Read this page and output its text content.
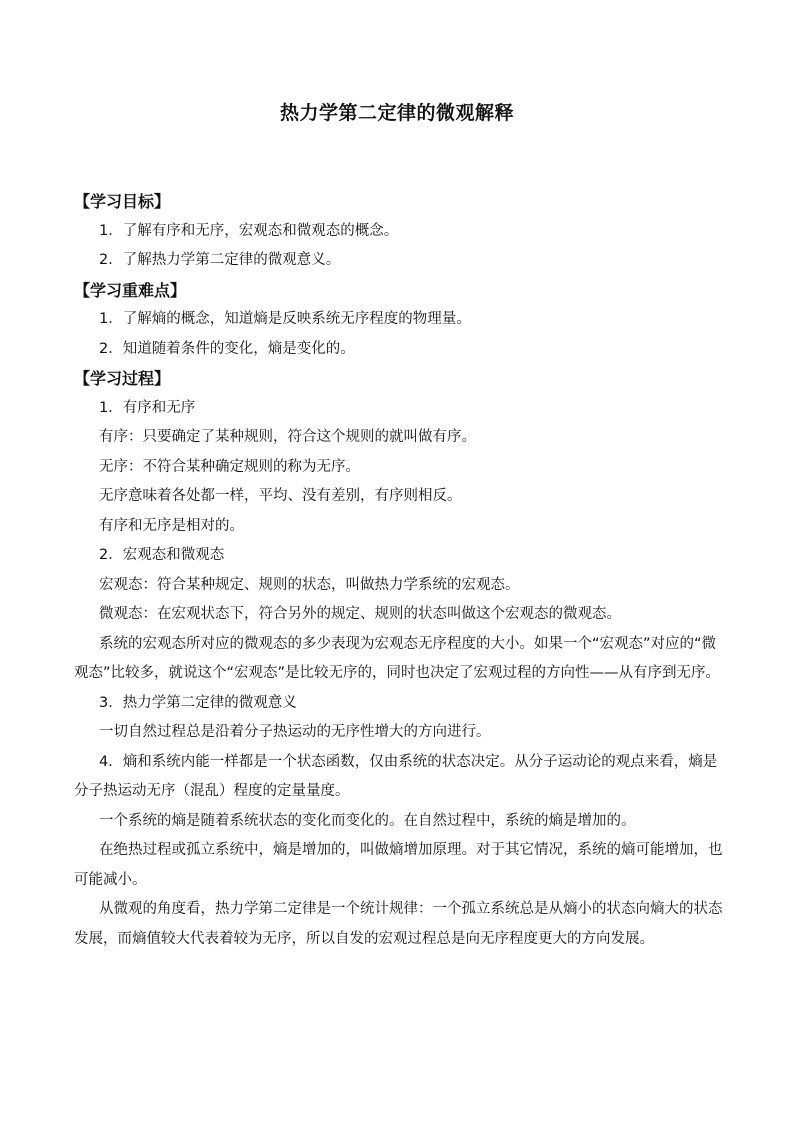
热力学第二定律的微观解释

【学习目标】

1．了解有序和无序，宏观态和微观态的概念。

2．了解热力学第二定律的微观意义。

【学习重难点】

1．了解熵的概念，知道熵是反映系统无序程度的物理量。

2．知道随着条件的变化，熵是变化的。

【学习过程】

1．有序和无序

有序：只要确定了某种规则，符合这个规则的就叫做有序。

无序：不符合某种确定规则的称为无序。

无序意味着各处都一样，平均、没有差别，有序则相反。

有序和无序是相对的。

2．宏观态和微观态

宏观态：符合某种规定、规则的状态，叫做热力学系统的宏观态。

微观态：在宏观状态下，符合另外的规定、规则的状态叫做这个宏观态的微观态。

系统的宏观态所对应的微观态的多少表现为宏观态无序程度的大小。如果一个“宏观态”对应的“微观态”比较多，就说这个“宏观态”是比较无序的，同时也决定了宏观过程的方向性——从有序到无序。

3．热力学第二定律的微观意义

一切自然过程总是沿着分子热运动的无序性增大的方向进行。

4．熵和系统内能一样都是一个状态函数，仅由系统的状态决定。从分子运动论的观点来看，熵是分子热运动无序（混乱）程度的定量量度。

一个系统的熵是随着系统状态的变化而变化的。在自然过程中，系统的熵是增加的。

在绝热过程或孤立系统中，熵是增加的，叫做熵增加原理。对于其它情况，系统的熵可能增加，也可能减小。

从微观的角度看，热力学第二定律是一个统计规律：一个孤立系统总是从熵小的状态向熵大的状态发展，而熵值较大代表着较为无序，所以自发的宏观过程总是向无序程度更大的方向发展。
